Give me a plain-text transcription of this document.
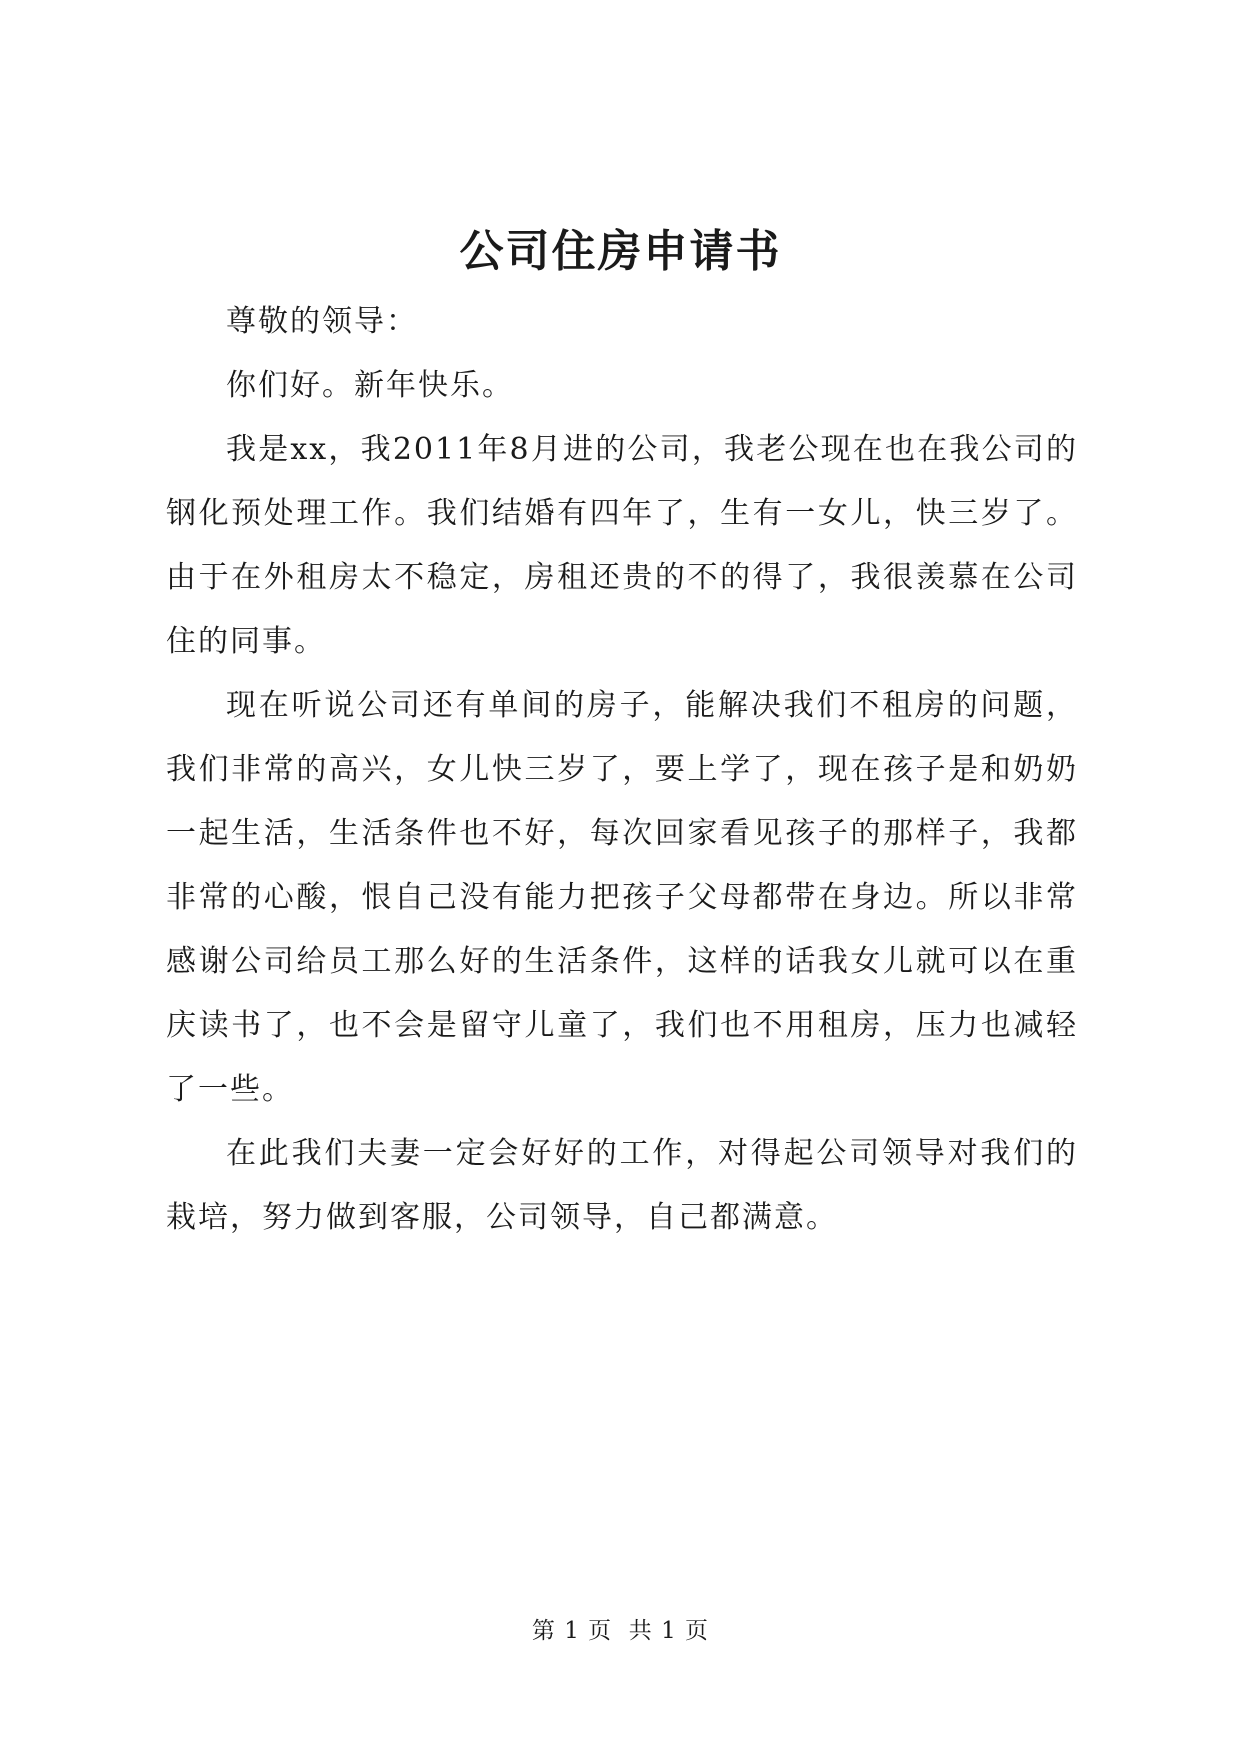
公司住房申请书

尊敬的领导：

你们好。新年快乐。

我是xx，我2011年8月进的公司，我老公现在也在我公司的钢化预处理工作。我们结婚有四年了，生有一女儿，快三岁了。由于在外租房太不稳定，房租还贵的不的得了，我很羡慕在公司住的同事。

现在听说公司还有单间的房子，能解决我们不租房的问题，我们非常的高兴，女儿快三岁了，要上学了，现在孩子是和奶奶一起生活，生活条件也不好，每次回家看见孩子的那样子，我都非常的心酸，恨自己没有能力把孩子父母都带在身边。所以非常感谢公司给员工那么好的生活条件，这样的话我女儿就可以在重庆读书了，也不会是留守儿童了，我们也不用租房，压力也减轻了一些。

在此我们夫妻一定会好好的工作，对得起公司领导对我们的栽培，努力做到客服，公司领导，自己都满意。

第 1 页  共 1 页
